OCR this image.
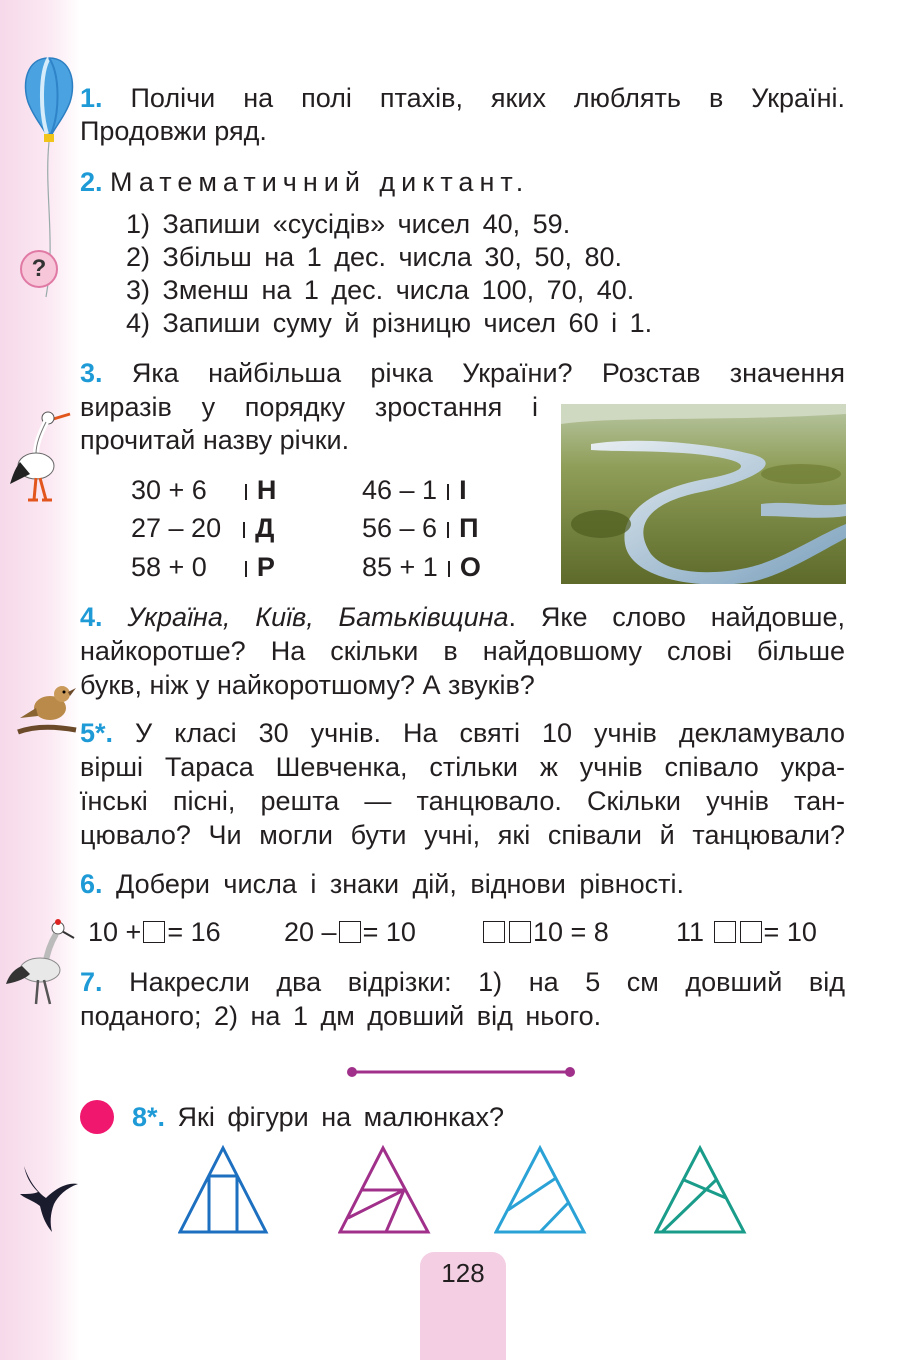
?
1. Полічи на полі птахів, яких люблять в Україні.
Продовжи ряд.
2. Математичний диктант.
1) Запиши «сусідів» чисел 40, 59.
2) Збільш на 1 дес. числа 30, 50, 80.
3) Зменш на 1 дес. числа 100, 70, 40.
4) Запиши суму й різницю чисел 60 і 1.
3. Яка найбільша річка України? Розстав значення
виразів у порядку зростання і
прочитай назву річки.
30 + 6 Н
27 – 20 Д
58 + 0 Р
46 – 1 І
56 – 6 П
85 + 1 О
4. Україна, Київ, Батьківщина. Яке слово найдовше,
найкоротше? На скільки в найдовшому слові більше
букв, ніж у найкоротшому? А звуків?
5*. У класі 30 учнів. На святі 10 учнів декламувало
вірші Тараса Шевченка, стільки ж учнів співало укра-
їнські пісні, решта — танцювало. Скільки учнів тан-
цювало? Чи могли бути учні, які співали й танцювали?
6. Добери числа і знаки дій, віднови рівності.
10 + = 16 20 – = 10	10 = 8 11 = 10
7. Накресли два відрізки: 1) на 5 см довший від
поданого; 2) на 1 дм довший від нього.
8*. Які фігури на малюнках?
128
